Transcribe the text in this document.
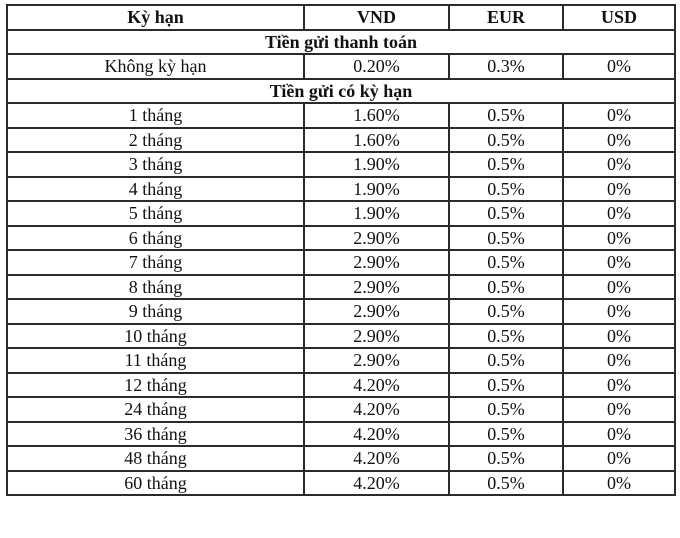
Kỳ hạn	VND	EUR	USD
Tiền gửi thanh toán			
Không kỳ hạn	0.20%	0.3%	0%
Tiền gửi có kỳ hạn			
1 tháng	1.60%	0.5%	0%
2 tháng	1.60%	0.5%	0%
3 tháng	1.90%	0.5%	0%
4 tháng	1.90%	0.5%	0%
5 tháng	1.90%	0.5%	0%
6 tháng	2.90%	0.5%	0%
7 tháng	2.90%	0.5%	0%
8 tháng	2.90%	0.5%	0%
9 tháng	2.90%	0.5%	0%
10 tháng	2.90%	0.5%	0%
11 tháng	2.90%	0.5%	0%
12 tháng	4.20%	0.5%	0%
24 tháng	4.20%	0.5%	0%
36 tháng	4.20%	0.5%	0%
48 tháng	4.20%	0.5%	0%
60 tháng	4.20%	0.5%	0%
